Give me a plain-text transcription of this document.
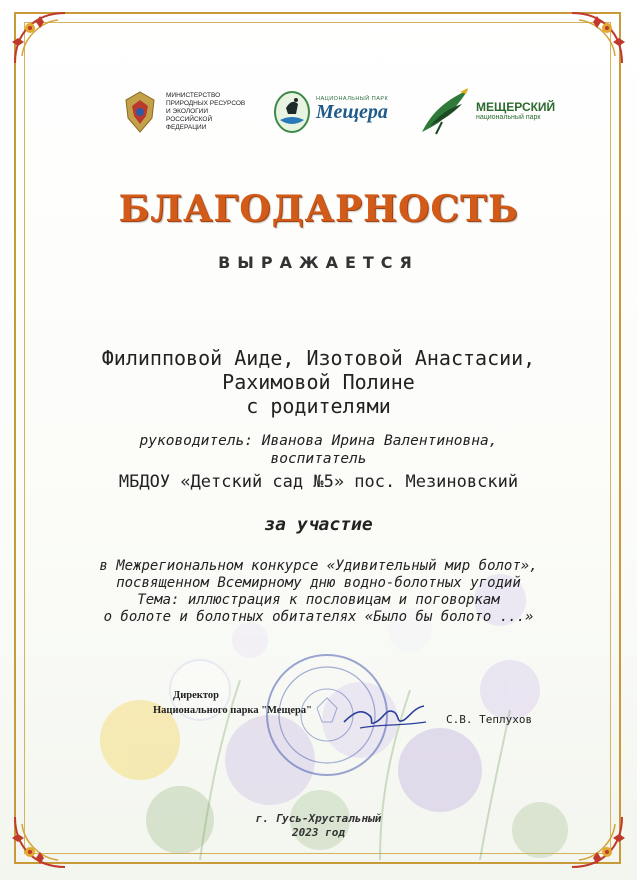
МИНИСТЕРСТВО ПРИРОДНЫХ РЕСУРСОВ И ЭКОЛОГИИ РОССИЙСКОЙ ФЕДЕРАЦИИ
НАЦИОНАЛЬНЫЙ ПАРК
Мещера	МЕЩЕРСКИЙ
национальный парк
БЛАГОДАРНОСТЬ
ВЫРАЖАЕТСЯ
Филипповой Аиде, Изотовой Анастасии,
Рахимовой Полине
с родителями
руководитель: Иванова Ирина Валентиновна,
воспитатель
МБДОУ «Детский сад №5» пос. Мезиновский
за участие
в Межрегиональном конкурсе «Удивительный мир болот»,
посвященном Всемирному дню водно-болотных угодий
Тема: иллюстрация к пословицам и поговоркам
о болоте и болотных обитателях «Было бы болото ...»
Директор
Национального парка "Мещера"
С.В. Теплухов
г. Гусь-Хрустальный
2023 год
